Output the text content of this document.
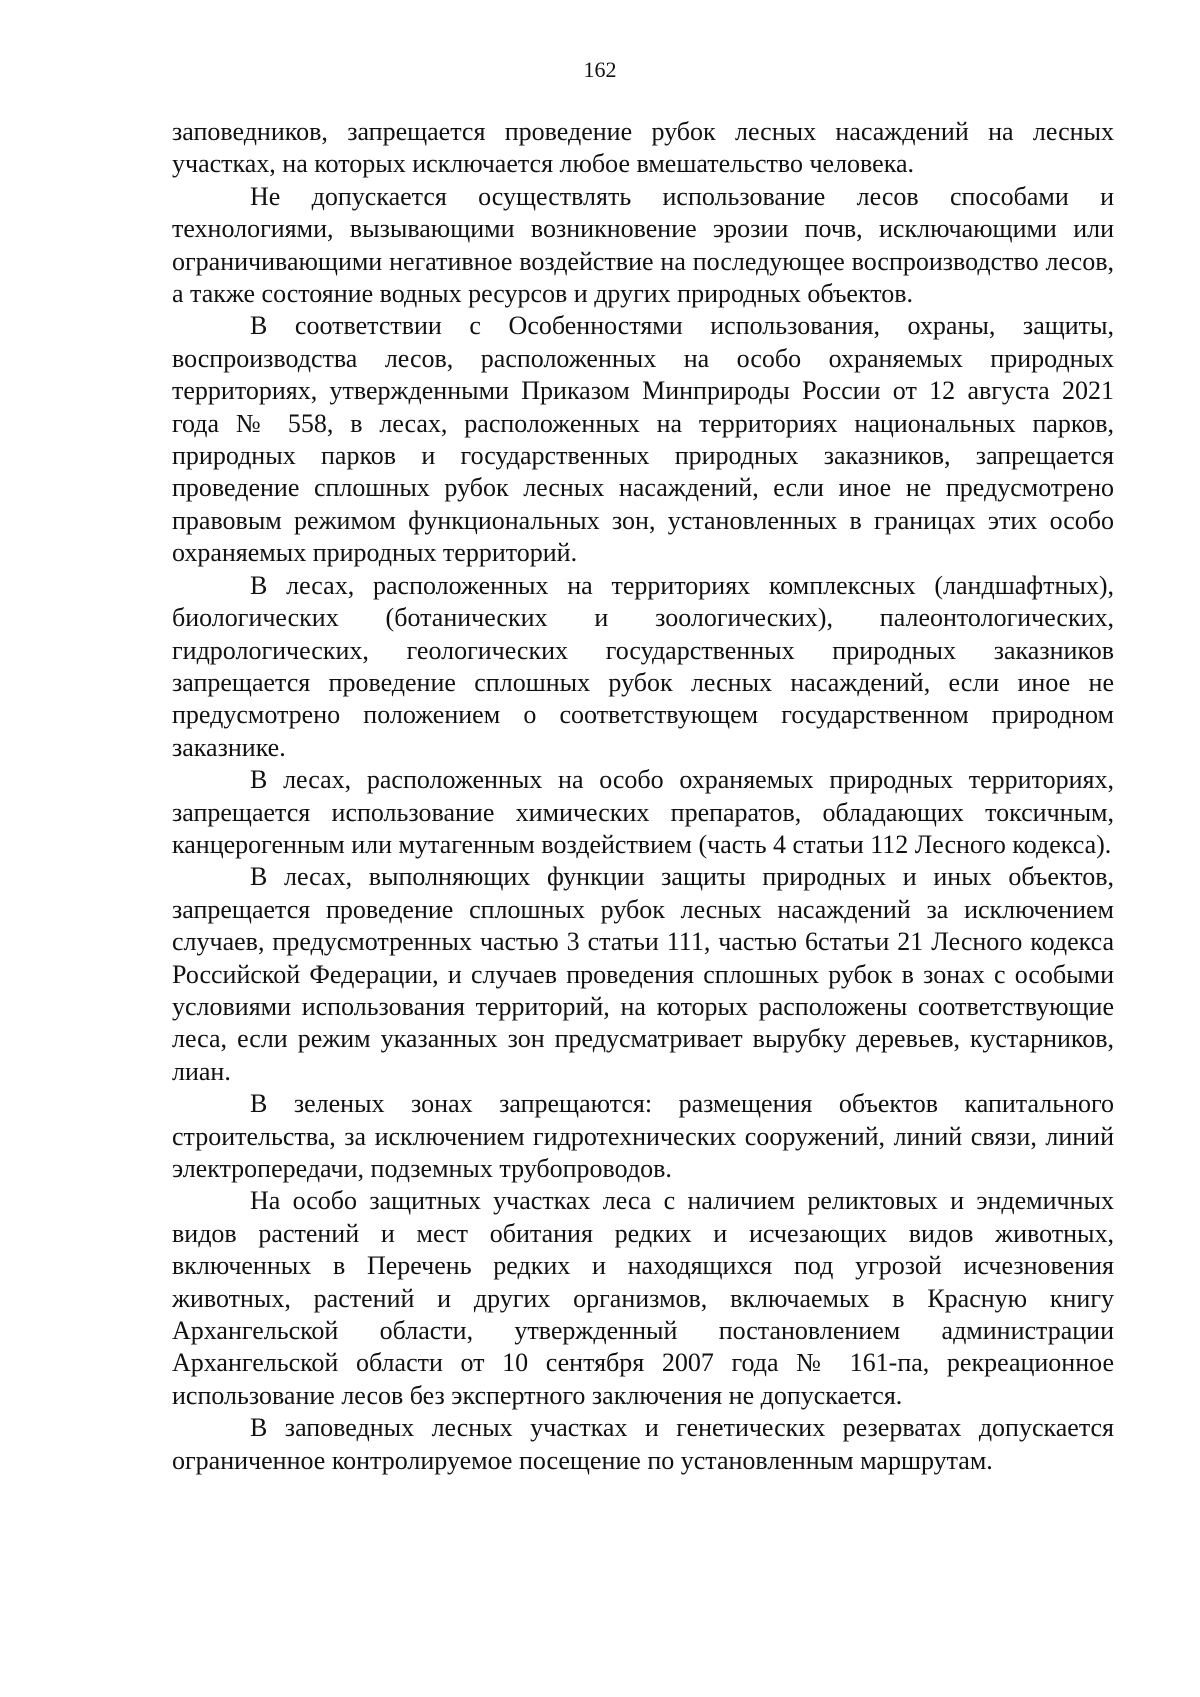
162

заповедников, запрещается проведение рубок лесных насаждений на лесных участках, на которых исключается любое вмешательство человека.

Не допускается осуществлять использование лесов способами и технологиями, вызывающими возникновение эрозии почв, исключающими или ограничивающими негативное воздействие на последующее воспроизводство лесов, а также состояние водных ресурсов и других природных объектов.

В соответствии с Особенностями использования, охраны, защиты, воспроизводства лесов, расположенных на особо охраняемых природных территориях, утвержденными Приказом Минприроды России от 12 августа 2021 года № 558, в лесах, расположенных на территориях национальных парков, природных парков и государственных природных заказников, запрещается проведение сплошных рубок лесных насаждений, если иное не предусмотрено правовым режимом функциональных зон, установленных в границах этих особо охраняемых природных территорий.

В лесах, расположенных на территориях комплексных (ландшафтных), биологических (ботанических и зоологических), палеонтологических, гидрологических, геологических государственных природных заказников запрещается проведение сплошных рубок лесных насаждений, если иное не предусмотрено положением о соответствующем государственном природном заказнике.

В лесах, расположенных на особо охраняемых природных территориях, запрещается использование химических препаратов, обладающих токсичным, канцерогенным или мутагенным воздействием (часть 4 статьи 112 Лесного кодекса).

В лесах, выполняющих функции защиты природных и иных объектов, запрещается проведение сплошных рубок лесных насаждений за исключением случаев, предусмотренных частью 3 статьи 111, частью 6статьи 21 Лесного кодекса Российской Федерации, и случаев проведения сплошных рубок в зонах с особыми условиями использования территорий, на которых расположены соответствующие леса, если режим указанных зон предусматривает вырубку деревьев, кустарников, лиан.

В зеленых зонах запрещаются: размещения объектов капитального строительства, за исключением гидротехнических сооружений, линий связи, линий электропередачи, подземных трубопроводов.

На особо защитных участках леса с наличием реликтовых и эндемичных видов растений и мест обитания редких и исчезающих видов животных, включенных в Перечень редких и находящихся под угрозой исчезновения животных, растений и других организмов, включаемых в Красную книгу Архангельской области, утвержденный постановлением администрации Архангельской области от 10 сентября 2007 года № 161-па, рекреационное использование лесов без экспертного заключения не допускается.

В заповедных лесных участках и генетических резерватах допускается ограниченное контролируемое посещение по установленным маршрутам.
